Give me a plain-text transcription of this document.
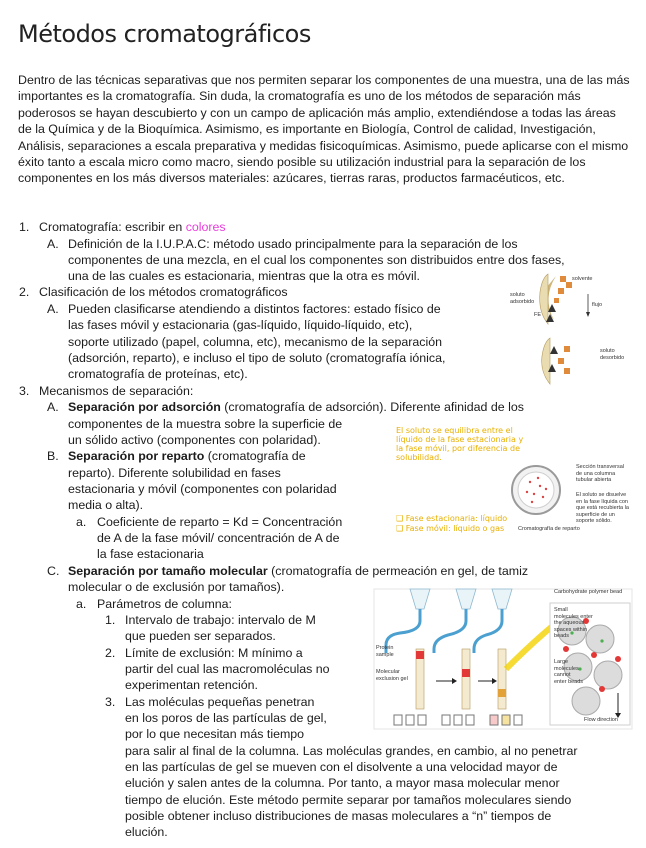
Métodos cromatográficos

Dentro de las técnicas separativas que nos permiten separar los componentes de una muestra, una de las más importantes es la cromatografía. Sin duda, la cromatografía es uno de los métodos de separación más poderosos se hayan descubierto y con un campo de aplicación más amplio, extendiéndose a todas las áreas de la Química y de la Bioquímica. Asimismo, es importante en Biología, Control de calidad, Investigación, Análisis, separaciones a escala preparativa y medidas fisicoquímicas. Asimismo, puede aplicarse con el mismo éxito tanto a escala micro como macro, siendo posible su utilización industrial para la separación de los componentes en los más diversos materiales: azúcares, tierras raras, productos farmacéuticos, etc.

1. Cromatografía: escribir en colores
A. Definición de la I.U.P.A.C: método usado principalmente para la separación de los
componentes de una mezcla, en el cual los componentes son distribuidos entre dos fases,
una de las cuales es estacionaria, mientras que la otra es móvil.
2. Clasificación de los métodos cromatográficos
A. Pueden clasificarse atendiendo a distintos factores: estado físico de
las fases móvil y estacionaria (gas-líquido, líquido-líquido, etc),
soporte utilizado (papel, columna, etc), mecanismo de la separación
(adsorción, reparto), e incluso el tipo de soluto (cromatografía iónica,
cromatografía de proteínas, etc).
3. Mecanismos de separación:
A. Separación por adsorción (cromatografía de adsorción). Diferente afinidad de los
componentes de la muestra sobre la superficie de
un sólido activo (componentes con polaridad).
B. Separación por reparto (cromatografía de
reparto). Diferente solubilidad en fases
estacionaria y móvil (componentes con polaridad
media o alta).
a. Coeficiente de reparto = Kd = Concentración
de A de la fase móvil/ concentración de A de
la fase estacionaria
C. Separación por tamaño molecular (cromatografía de permeación en gel, de tamiz
molecular o de exclusión por tamaños).
a. Parámetros de columna:
1. Intervalo de trabajo: intervalo de M
que pueden ser separados.
2. Límite de exclusión: M mínimo a
partir del cual las macromoléculas no
experimentan retención.
3. Las moléculas pequeñas penetran
en los poros de las partículas de gel,
por lo que necesitan más tiempo
para salir al final de la columna. Las moléculas grandes, en cambio, al no penetrar
en las partículas de gel se mueven con el disolvente a una velocidad mayor de
elución y salen antes de la columna. Por tanto, a mayor masa molecular menor
tiempo de elución. Este método permite separar por tamaños moleculares siendo
posible obtener incluso distribuciones de masas moleculares a “n” tiempos de
elución.
solvente
soluto adsorbido
flujo
FE
soluto desorbido
El soluto se equilibra entre el líquido de la fase estacionaria y la fase móvil, por diferencia de solubilidad.
Sección transversal de una columna tubular abierta
El soluto se disuelve en la fase líquida con que está recubierta la superficie de un soporte sólido.
❑ Fase estacionaria: líquido
❑ Fase móvil: líquido o gas	Cromatografía de reparto
Carbohydrate polymer bead
Small molecules enter the aqueous spaces within beads
Large molecules cannot enter beads
Protein sample
Molecular exclusion gel
Flow direction
